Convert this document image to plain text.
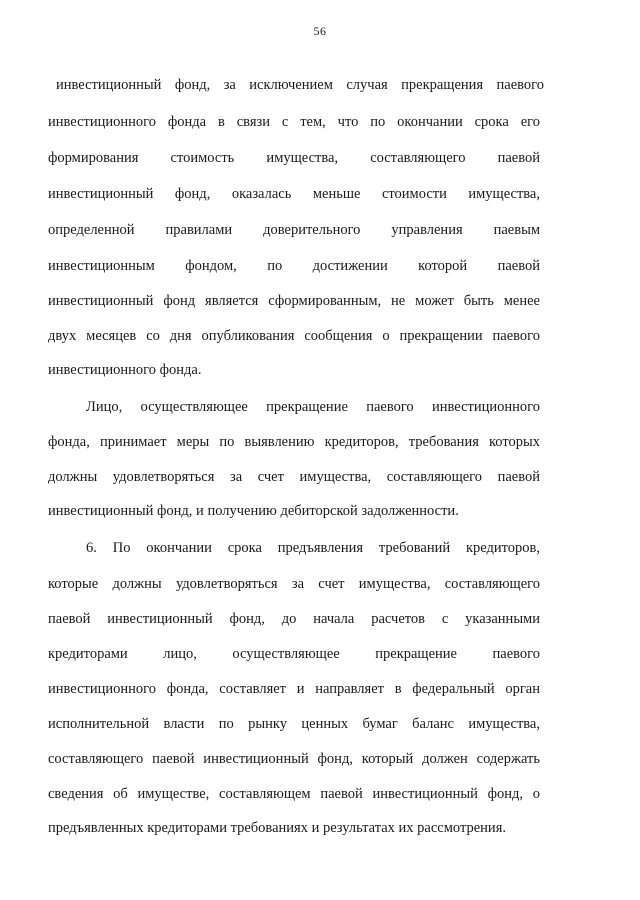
56
инвестиционный фонд, за исключением случая прекращения паевого
инвестиционного фонда в связи с тем, что по окончании срока его
формирования стоимость имущества, составляющего паевой
инвестиционный фонд, оказалась меньше стоимости имущества,
определенной правилами доверительного управления паевым
инвестиционным фондом, по достижении которой паевой
инвестиционный фонд является сформированным, не может быть менее
двух месяцев со дня опубликования сообщения о прекращении паевого
инвестиционного фонда.
Лицо, осуществляющее прекращение паевого инвестиционного
фонда, принимает меры по выявлению кредиторов, требования которых
должны удовлетворяться за счет имущества, составляющего паевой
инвестиционный фонд, и получению дебиторской задолженности.
6. По окончании срока предъявления требований кредиторов,
которые должны удовлетворяться за счет имущества, составляющего
паевой инвестиционный фонд, до начала расчетов с указанными
кредиторами лицо, осуществляющее прекращение паевого
инвестиционного фонда, составляет и направляет в федеральный орган
исполнительной власти по рынку ценных бумаг баланс имущества,
составляющего паевой инвестиционный фонд, который должен содержать
сведения об имуществе, составляющем паевой инвестиционный фонд, о
предъявленных кредиторами требованиях и результатах их рассмотрения.
